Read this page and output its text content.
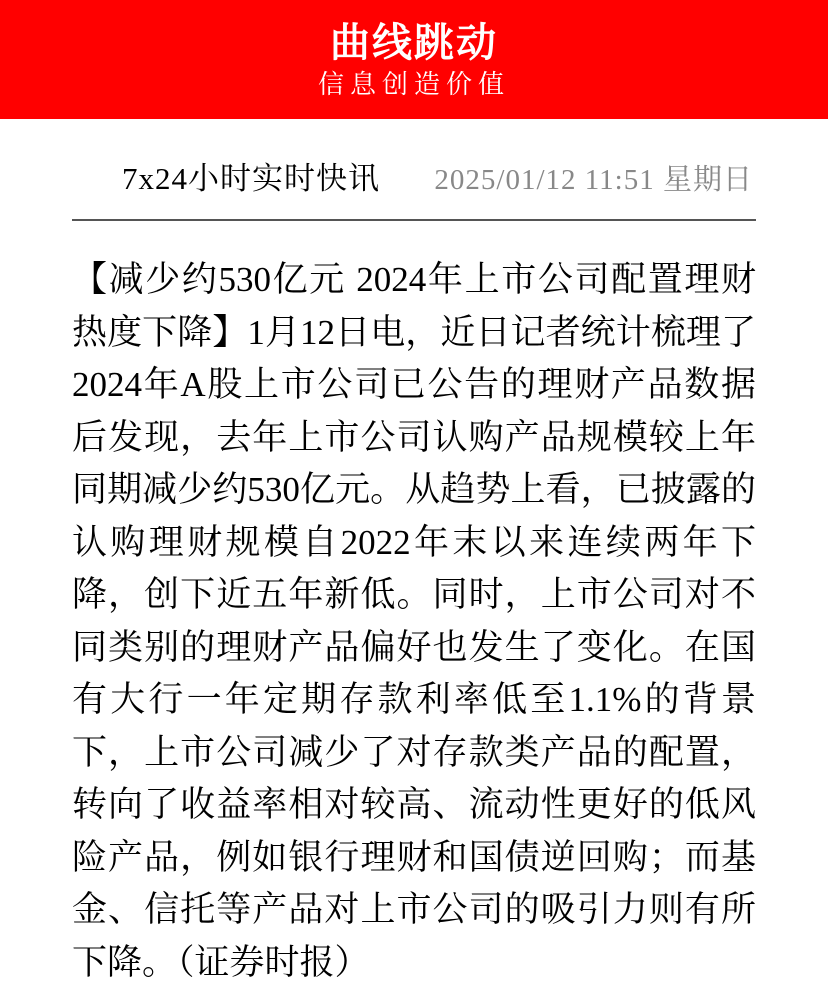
曲线跳动
信息创造价值
7x24小时实时快讯 2025/01/12 11:51 星期日
【减少约530亿元 2024年上市公司配置理财热度下降】1月12日电，近日记者统计梳理了2024年A股上市公司已公告的理财产品数据后发现，去年上市公司认购产品规模较上年同期减少约530亿元。从趋势上看，已披露的认购理财规模自2022年末以来连续两年下降，创下近五年新低。同时，上市公司对不同类别的理财产品偏好也发生了变化。在国有大行一年定期存款利率低至1.1%的背景下，上市公司减少了对存款类产品的配置，转向了收益率相对较高、流动性更好的低风险产品，例如银行理财和国债逆回购；而基金、信托等产品对上市公司的吸引力则有所下降。（证券时报）
